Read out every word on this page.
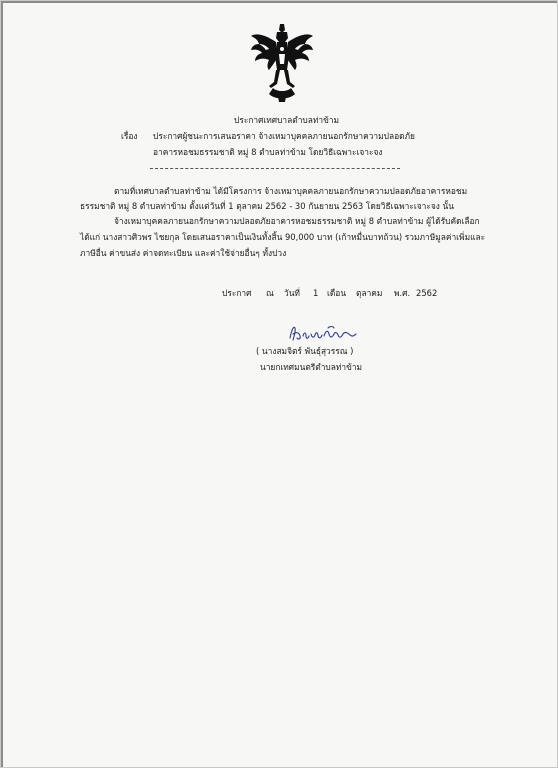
ประกาศเทศบาลตำบลท่าข้าม
เรื่อง ประกาศผู้ชนะการเสนอราคา จ้างเหมาบุคคลภายนอกรักษาความปลอดภัย
อาคารหอชมธรรมชาติ หมู่ 8 ตำบลท่าข้าม โดยวิธีเฉพาะเจาะจง
ตามที่เทศบาลตำบลท่าข้าม ได้มีโครงการ จ้างเหมาบุคคลภายนอกรักษาความปลอดภัยอาคารหอชม
ธรรมชาติ หมู่ 8 ตำบลท่าข้าม ตั้งแต่วันที่ 1 ตุลาคม 2562 - 30 กันยายน 2563 โดยวิธีเฉพาะเจาะจง นั้น
จ้างเหมาบุคคลภายนอกรักษาความปลอดภัยอาคารหอชมธรรมชาติ หมู่ 8 ตำบลท่าข้าม ผู้ได้รับคัดเลือก
ได้แก่ นางสาวศิวพร ไชยกุล โดยเสนอราคาเป็นเงินทั้งสิ้น 90,000 บาท (เก้าหมื่นบาทถ้วน) รวมภาษีมูลค่าเพิ่มและ
ภาษีอื่น ค่าขนส่ง ค่าจดทะเบียน และค่าใช้จ่ายอื่นๆ ทั้งปวง
ประกาศ ณ วันที่ 1 เดือน ตุลาคม พ.ศ. 2562
( นางสมจิตร์ พันธุ์สุวรรณ )
นายกเทศมนตรีตำบลท่าข้าม
